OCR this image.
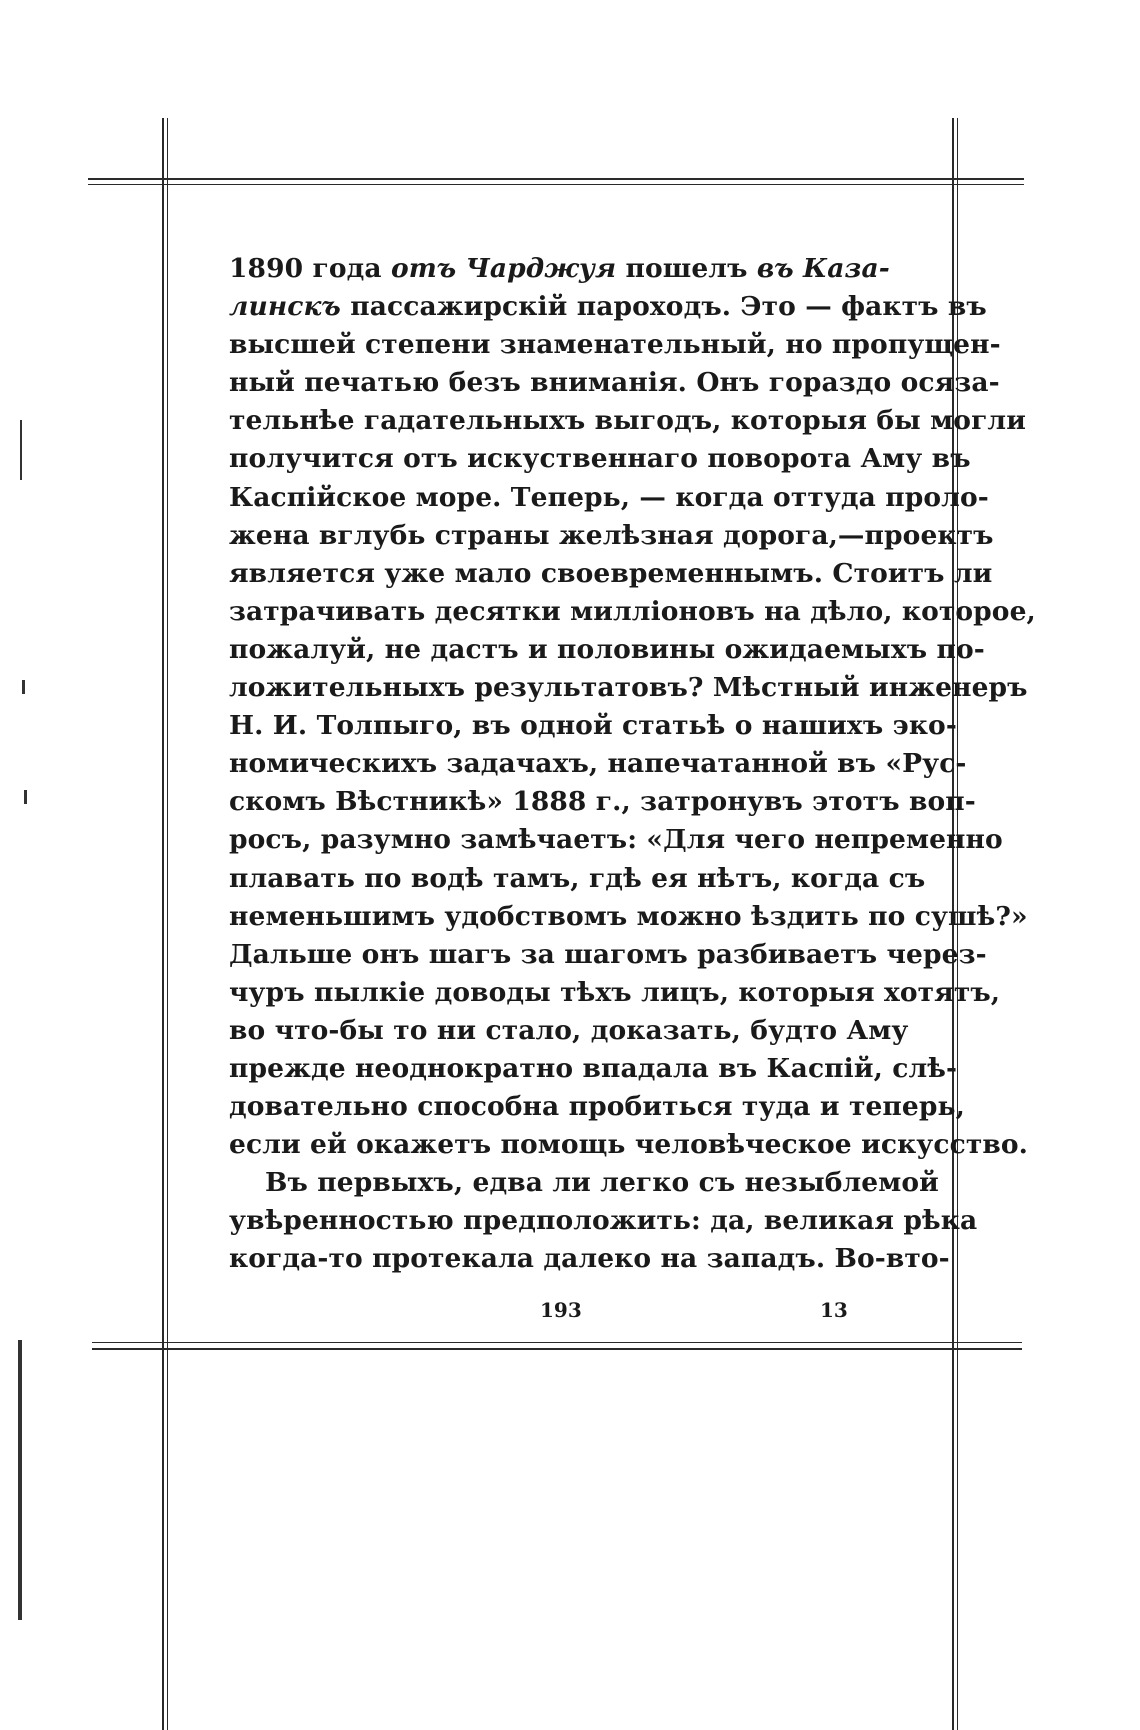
1890 года отъ Чарджуя пошелъ въ Каза-
линскъ пассажирскій пароходъ. Это — фактъ въ
высшей степени знаменательный, но пропущен-
ный печатью безъ вниманія. Онъ гораздо осяза-
тельнѣе гадательныхъ выгодъ, которыя бы могли
получится отъ искуственнаго поворота Аму въ
Каспійское море. Теперь, — когда оттуда проло-
жена вглубь страны желѣзная дорога,—проектъ
является уже мало своевременнымъ. Стоитъ ли
затрачивать десятки милліоновъ на дѣло, которое,
пожалуй, не дастъ и половины ожидаемыхъ по-
ложительныхъ результатовъ? Мѣстный инженеръ
Н. И. Толпыго, въ одной статьѣ о нашихъ эко-
номическихъ задачахъ, напечатанной въ «Рус-
скомъ Вѣстникѣ» 1888 г., затронувъ этотъ воп-
росъ, разумно замѣчаетъ: «Для чего непременно
плавать по водѣ тамъ, гдѣ ея нѣтъ, когда съ
неменьшимъ удобствомъ можно ѣздить по сушѣ?»
Дальше онъ шагъ за шагомъ разбиваетъ через-
чуръ пылкіе доводы тѣхъ лицъ, которыя хотятъ,
во что-бы то ни стало, доказать, будто Аму
прежде неоднократно впадала въ Каспій, слѣ-
довательно способна пробиться туда и теперь,
если ей окажетъ помощь человѣческое искусство.
Въ первыхъ, едва ли легко съ незыблемой
увѣренностью предположить: да, великая рѣка
когда-то протекала далеко на западъ. Во-вто-
193	13
